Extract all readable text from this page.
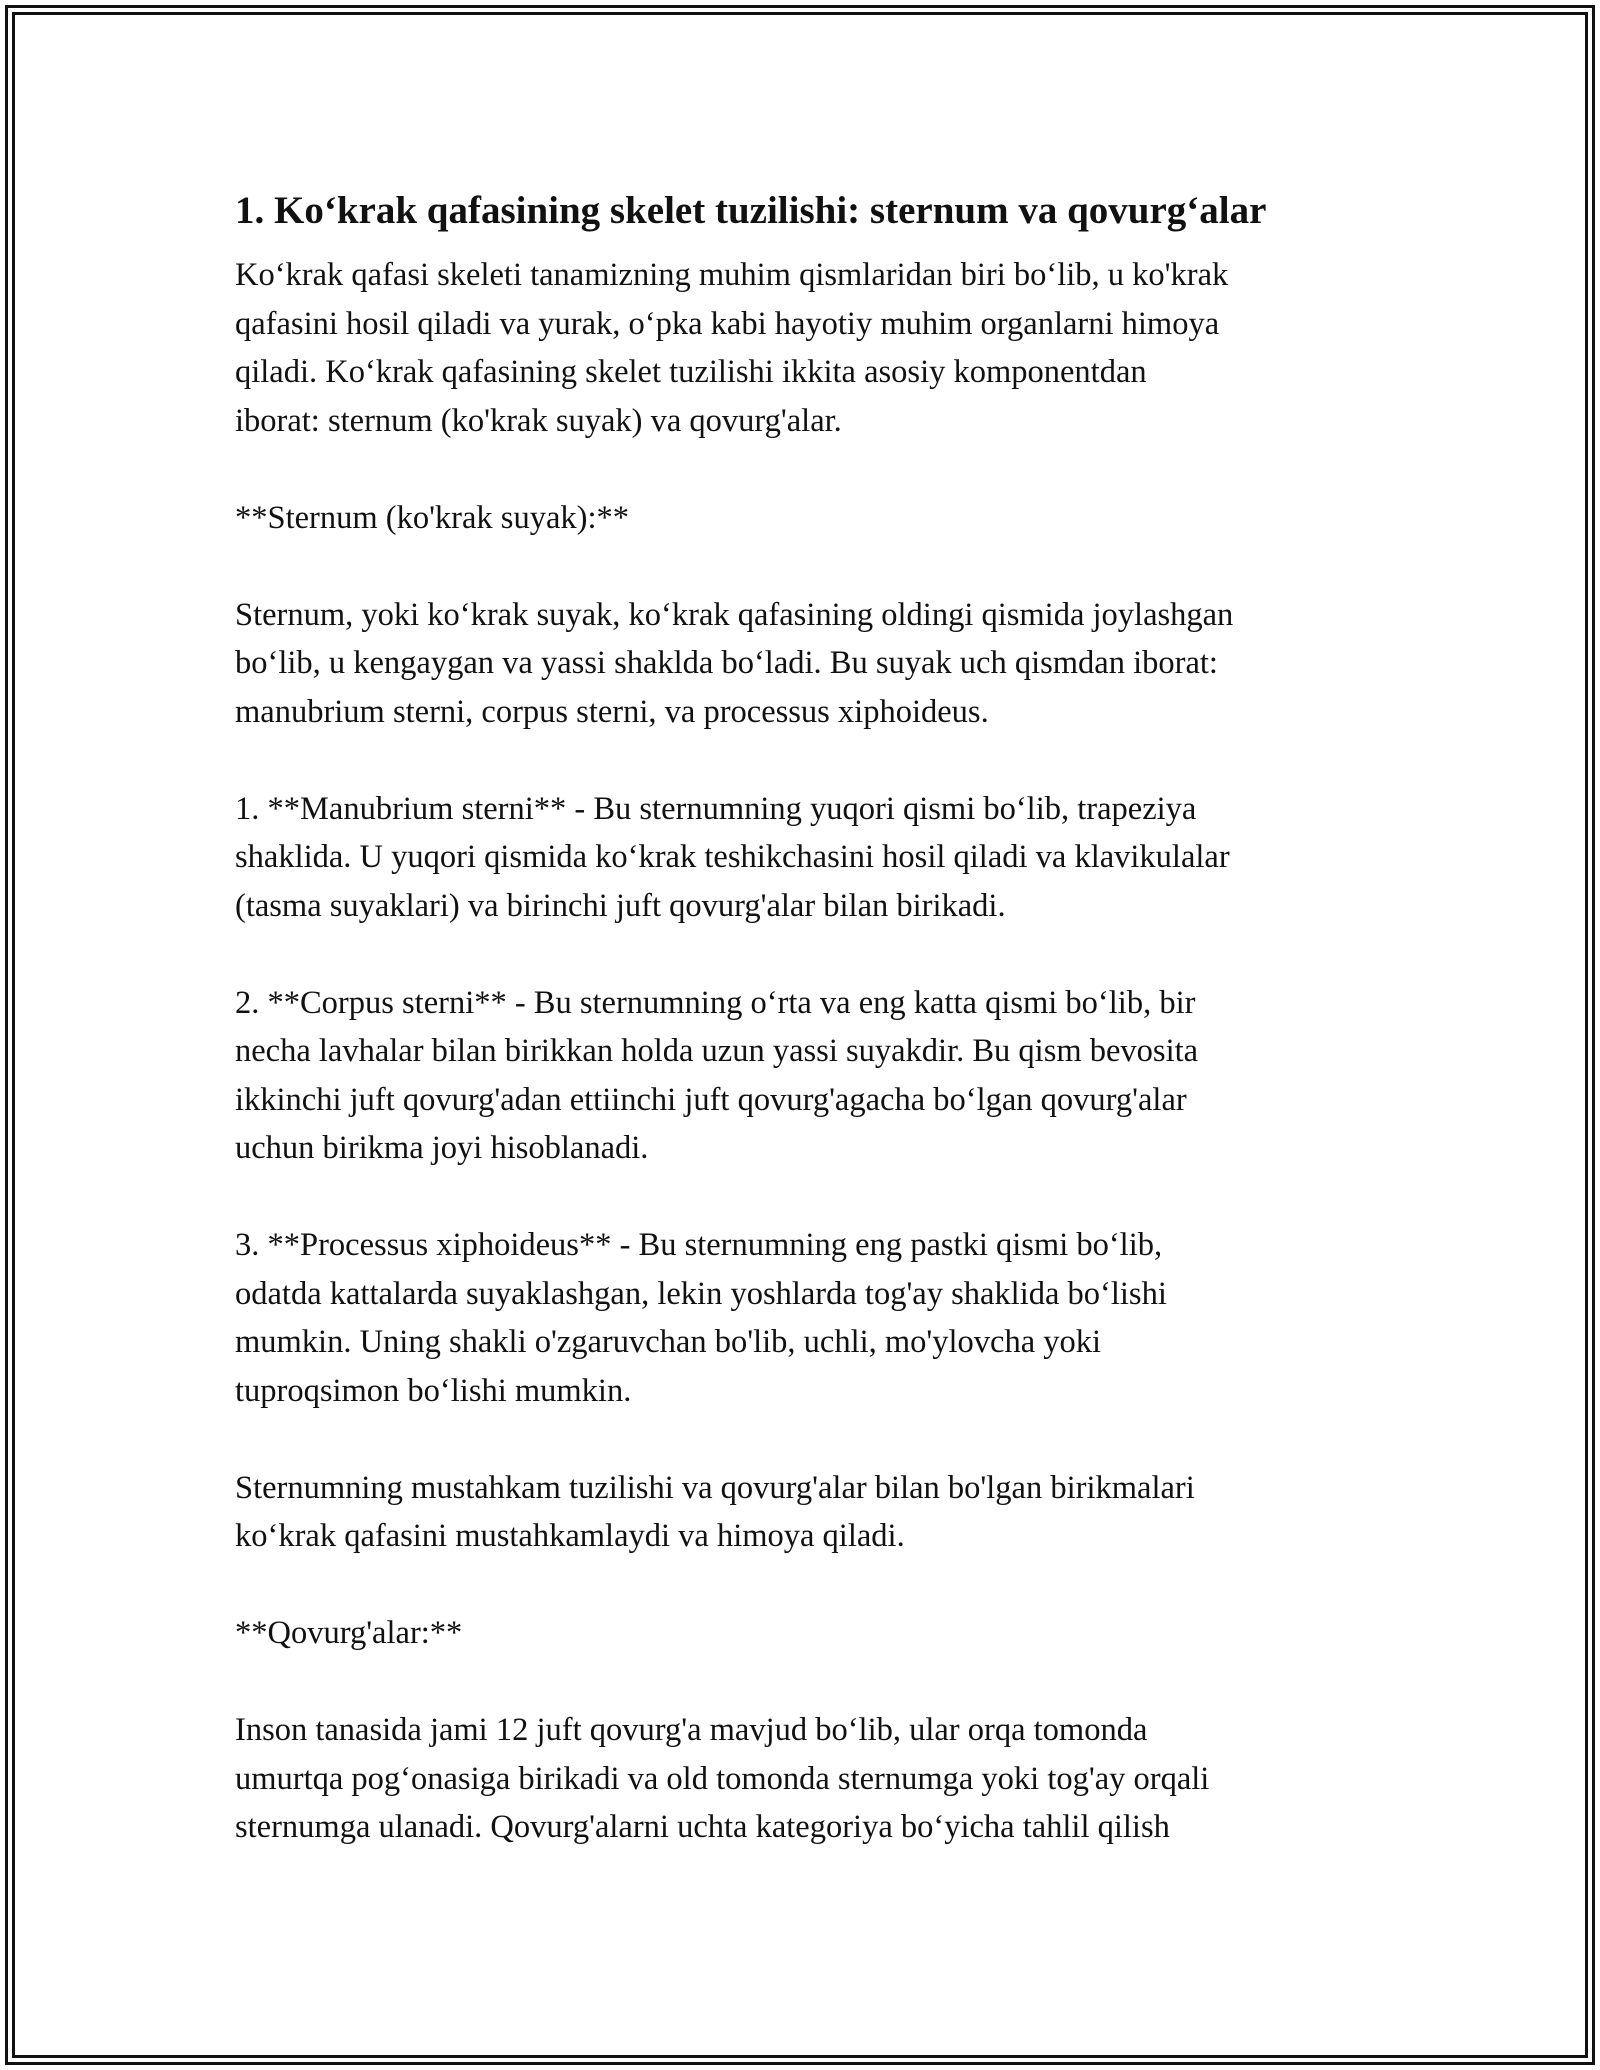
1. Ko‘krak qafasining skelet tuzilishi: sternum va qovurg‘alar

Ko‘krak qafasi skeleti tanamizning muhim qismlaridan biri bo‘lib, u ko'krak
qafasini hosil qiladi va yurak, o‘pka kabi hayotiy muhim organlarni himoya
qiladi. Ko‘krak qafasining skelet tuzilishi ikkita asosiy komponentdan
iborat: sternum (ko'krak suyak) va qovurg'alar.

**Sternum (ko'krak suyak):**

Sternum, yoki ko‘krak suyak, ko‘krak qafasining oldingi qismida joylashgan
bo‘lib, u kengaygan va yassi shaklda bo‘ladi. Bu suyak uch qismdan iborat:
manubrium sterni, corpus sterni, va processus xiphoideus.

1. **Manubrium sterni** - Bu sternumning yuqori qismi bo‘lib, trapeziya
shaklida. U yuqori qismida ko‘krak teshikchasini hosil qiladi va klavikulalar
(tasma suyaklari) va birinchi juft qovurg'alar bilan birikadi.

2. **Corpus sterni** - Bu sternumning o‘rta va eng katta qismi bo‘lib, bir
necha lavhalar bilan birikkan holda uzun yassi suyakdir. Bu qism bevosita
ikkinchi juft qovurg'adan ettiinchi juft qovurg'agacha bo‘lgan qovurg'alar
uchun birikma joyi hisoblanadi.

3. **Processus xiphoideus** - Bu sternumning eng pastki qismi bo‘lib,
odatda kattalarda suyaklashgan, lekin yoshlarda tog'ay shaklida bo‘lishi
mumkin. Uning shakli o'zgaruvchan bo'lib, uchli, mo'ylovcha yoki
tuproqsimon bo‘lishi mumkin.

Sternumning mustahkam tuzilishi va qovurg'alar bilan bo'lgan birikmalari
ko‘krak qafasini mustahkamlaydi va himoya qiladi.

**Qovurg'alar:**

Inson tanasida jami 12 juft qovurg'a mavjud bo‘lib, ular orqa tomonda
umurtqa pog‘onasiga birikadi va old tomonda sternumga yoki tog'ay orqali
sternumga ulanadi. Qovurg'alarni uchta kategoriya bo‘yicha tahlil qilish
